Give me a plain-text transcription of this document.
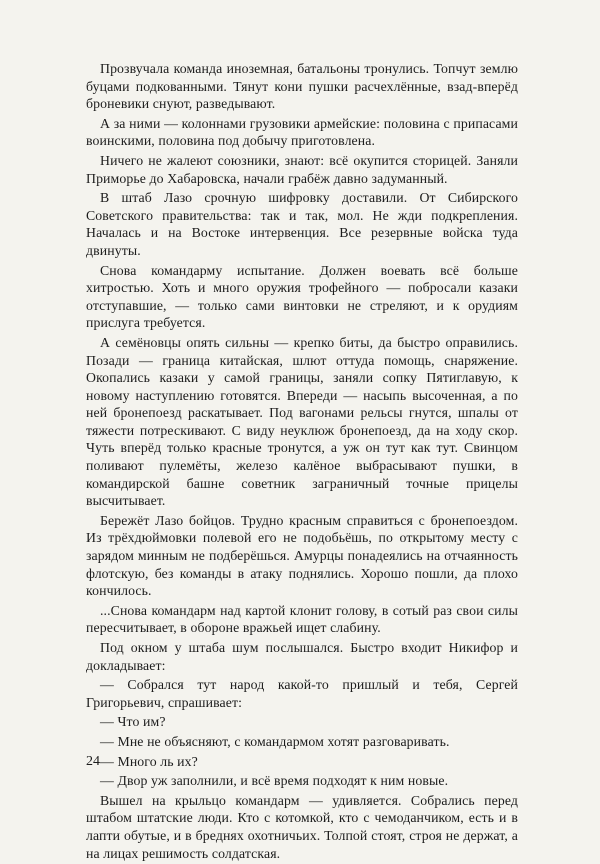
Прозвучала команда иноземная, батальоны тронулись. Топчут землю буцами подкованными. Тянут кони пушки расчехлённые, взад-вперёд броневики снуют, разведывают.

А за ними — колоннами грузовики армейские: половина с припасами воинскими, половина под добычу приготовлена.

Ничего не жалеют союзники, знают: всё окупится сторицей. Заняли Приморье до Хабаровска, начали грабёж давно задуманный.

В штаб Лазо срочную шифровку доставили. От Сибирского Советского правительства: так и так, мол. Не жди подкрепления. Началась и на Востоке интервенция. Все резервные войска туда двинуты.

Снова командарму испытание. Должен воевать всё больше хитростью. Хоть и много оружия трофейного — побросали казаки отступавшие, — только сами винтовки не стреляют, и к орудиям прислуга требуется.

А семёновцы опять сильны — крепко биты, да быстро оправились. Позади — граница китайская, шлют оттуда помощь, снаряжение. Окопались казаки у самой границы, заняли сопку Пятиглавую, к новому наступлению готовятся. Впереди — насыпь высоченная, а по ней бронепоезд раскатывает. Под вагонами рельсы гнутся, шпалы от тяжести потрескивают. С виду неуклюж бронепоезд, да на ходу скор. Чуть вперёд только красные тронутся, а уж он тут как тут. Свинцом поливают пулемёты, железо калёное выбрасывают пушки, в командирской башне советник заграничный точные прицелы высчитывает.

Бережёт Лазо бойцов. Трудно красным справиться с бронепоездом. Из трёхдюймовки полевой его не подобьёшь, по открытому месту с зарядом минным не подберёшься. Амурцы понадеялись на отчаянность флотскую, без команды в атаку поднялись. Хорошо пошли, да плохо кончилось.

...Снова командарм над картой клонит голову, в сотый раз свои силы пересчитывает, в обороне вражьей ищет слабину.

Под окном у штаба шум послышался. Быстро входит Никифор и докладывает:

— Собрался тут народ какой-то пришлый и тебя, Сергей Григорьевич, спрашивает:

— Что им?

— Мне не объясняют, с командармом хотят разговаривать.

— Много ль их?

— Двор уж заполнили, и всё время подходят к ним новые.

Вышел на крыльцо командарм — удивляется. Собрались перед штабом штатские люди. Кто с котомкой, кто с чемоданчиком, есть и в лапти обутые, и в бреднях охотничьих. Толпой стоят, строя не держат, а на лицах решимость солдатская.

24
